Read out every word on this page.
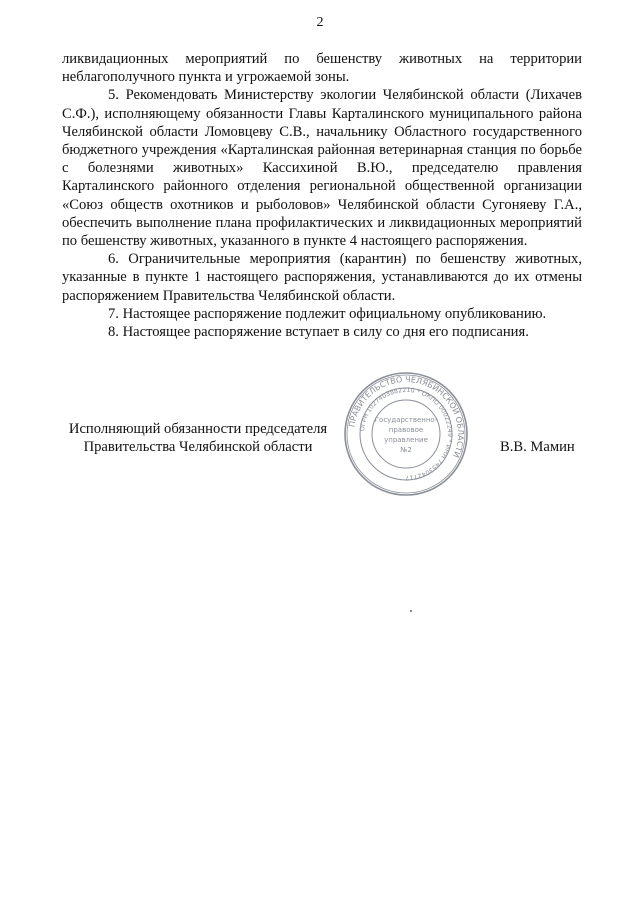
2

ликвидационных мероприятий по бешенству животных на территории неблагополучного пункта и угрожаемой зоны.

5. Рекомендовать Министерству экологии Челябинской области (Лихачев С.Ф.), исполняющему обязанности Главы Карталинского муниципального района Челябинской области Ломовцеву С.В., начальнику Областного государственного бюджетного учреждения «Карталинская районная ветеринарная станция по борьбе с болезнями животных» Кассихиной В.Ю., председателю правления Карталинского районного отделения региональной общественной организации «Союз обществ охотников и рыболовов» Челябинской области Сугоняеву Г.А., обеспечить выполнение плана профилактических и ликвидационных мероприятий по бешенству животных, указанного в пункте 4 настоящего распоряжения.

6. Ограничительные мероприятия (карантин) по бешенству животных, указанные в пункте 1 настоящего распоряжения, устанавливаются до их отмены распоряжением Правительства Челябинской области.

7. Настоящее распоряжение подлежит официальному опубликованию.

8. Настоящее распоряжение вступает в силу со дня его подписания.

Исполняющий обязанности председателя
Правительства Челябинской области
ПРАВИТЕЛЬСТВО ЧЕЛЯБИНСКОЙ ОБЛАСТИ
ОГРН 1027403882210 * ОКПО 00022249 * ИНН 7453042717
Государственно-
правовое
управление
№2	В.В. Мамин
